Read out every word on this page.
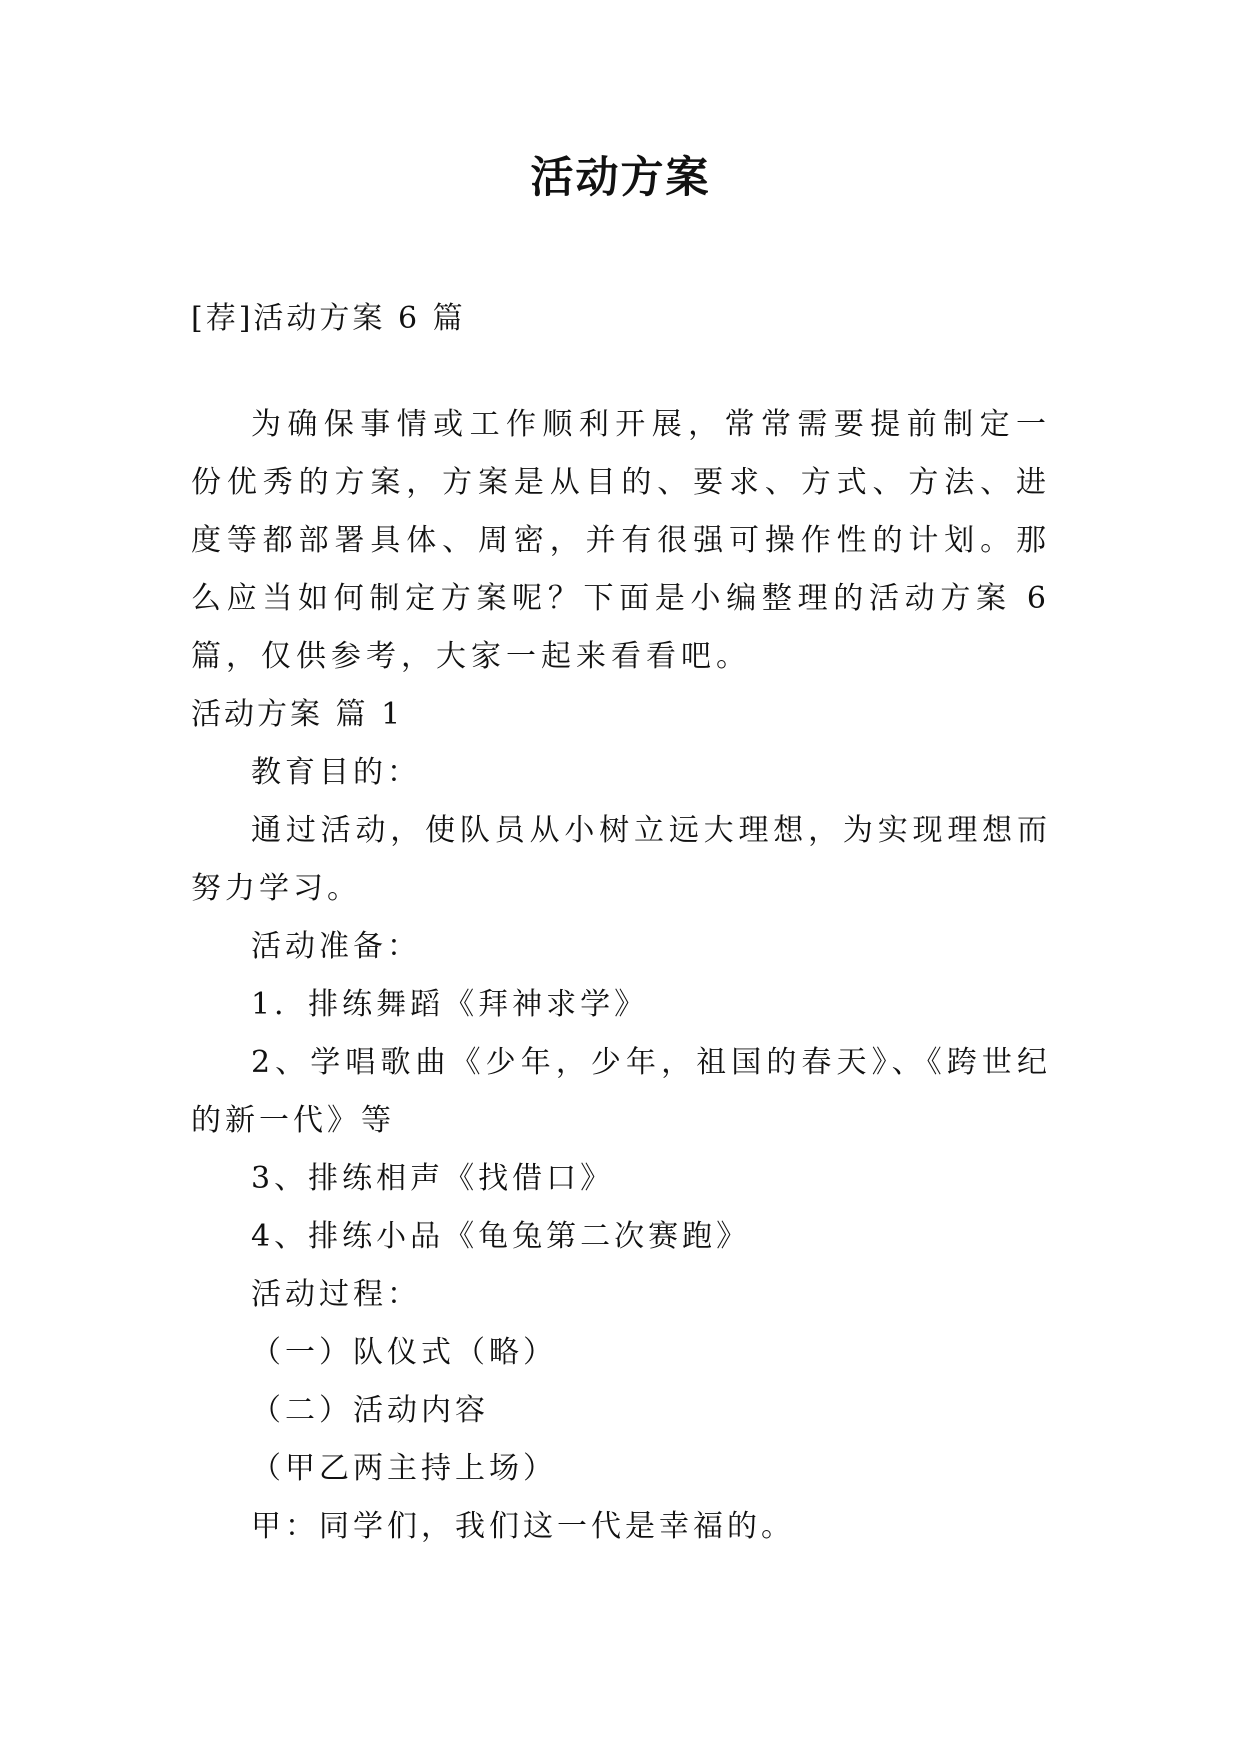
活动方案

[荐]活动方案 6 篇

为确保事情或工作顺利开展，常常需要提前制定一份优秀的方案，方案是从目的、要求、方式、方法、进度等都部署具体、周密，并有很强可操作性的计划。那么应当如何制定方案呢？下面是小编整理的活动方案 6 篇，仅供参考，大家一起来看看吧。

活动方案 篇 1

教育目的：

通过活动，使队员从小树立远大理想，为实现理想而努力学习。

活动准备：

1．排练舞蹈《拜神求学》

2、学唱歌曲《少年，少年，祖国的春天》、《跨世纪的新一代》等

3、排练相声《找借口》

4、排练小品《龟兔第二次赛跑》

活动过程：

（一）队仪式（略）

（二）活动内容

（甲乙两主持上场）

甲：同学们，我们这一代是幸福的。
